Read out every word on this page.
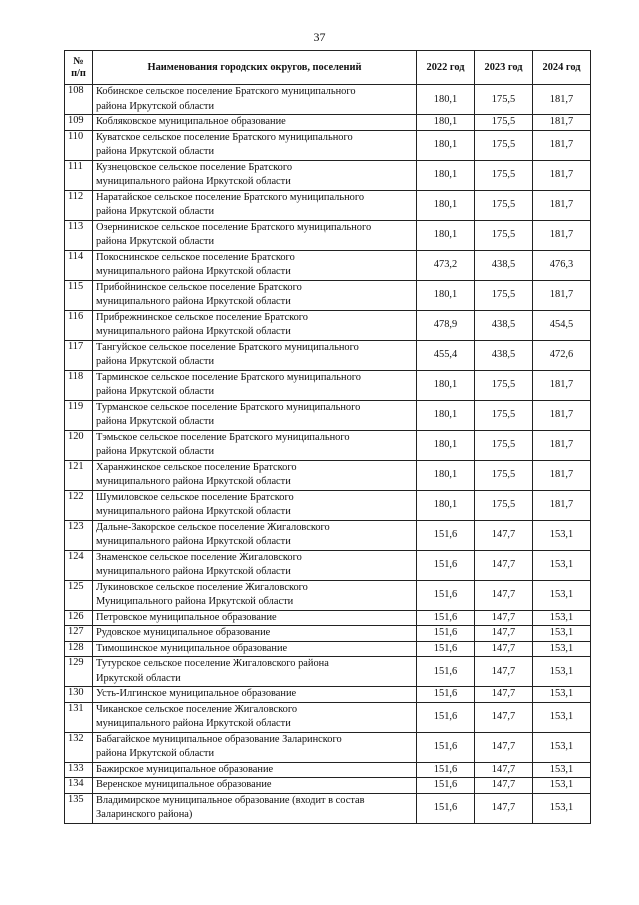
37
№
п/п	Наименования городских округов, поселений	2022 год	2023 год	2024 год
108	Кобинское сельское поселение Братского муниципального
района Иркутской области	180,1	175,5	181,7
109	Кобляковское муниципальное образование	180,1	175,5	181,7
110	Куватское сельское поселение Братского муниципального
района Иркутской области	180,1	175,5	181,7
111	Кузнецовское сельское поселение Братского
муниципального района Иркутской области	180,1	175,5	181,7
112	Наратайское сельское поселение Братского муниципального
района Иркутской области	180,1	175,5	181,7
113	Озерниниское сельское поселение Братского муниципального
района Иркутской области	180,1	175,5	181,7
114	Покоснинское сельское поселение Братского
муниципального района Иркутской области	473,2	438,5	476,3
115	Прибойнинское сельское поселение Братского
муниципального района Иркутской области	180,1	175,5	181,7
116	Прибрежнинское сельское поселение Братского
муниципального района Иркутской области	478,9	438,5	454,5
117	Тангуйское сельское поселение Братского муниципального
района Иркутской области	455,4	438,5	472,6
118	Тарминское сельское поселение Братского муниципального
района Иркутской области	180,1	175,5	181,7
119	Турманское сельское поселение Братского муниципального
района Иркутской области	180,1	175,5	181,7
120	Тэмьское сельское поселение Братского муниципального
района Иркутской области	180,1	175,5	181,7
121	Харанжинское сельское поселение Братского
муниципального района Иркутской области	180,1	175,5	181,7
122	Шумиловское сельское поселение Братского
муниципального района Иркутской области	180,1	175,5	181,7
123	Дальне-Закорское сельское поселение Жигаловского
муниципального района Иркутской области	151,6	147,7	153,1
124	Знаменское сельское поселение Жигаловского
муниципального района Иркутской области	151,6	147,7	153,1
125	Лукиновское сельское поселение Жигаловского
Муниципального района Иркутской области	151,6	147,7	153,1
126	Петровское муниципальное образование	151,6	147,7	153,1
127	Рудовское муниципальное образование	151,6	147,7	153,1
128	Тимошинское муниципальное образование	151,6	147,7	153,1
129	Тутурское сельское поселение Жигаловского района
Иркутской области	151,6	147,7	153,1
130	Усть-Илгинское муниципальное образование	151,6	147,7	153,1
131	Чиканское сельское поселение Жигаловского
муниципального района Иркутской области	151,6	147,7	153,1
132	Бабагайское муниципальное образование Заларинского
района Иркутской области	151,6	147,7	153,1
133	Бажирское муниципальное образование	151,6	147,7	153,1
134	Веренское муниципальное образование	151,6	147,7	153,1
135	Владимирское муниципальное образование (входит в состав
Заларинского района)	151,6	147,7	153,1
